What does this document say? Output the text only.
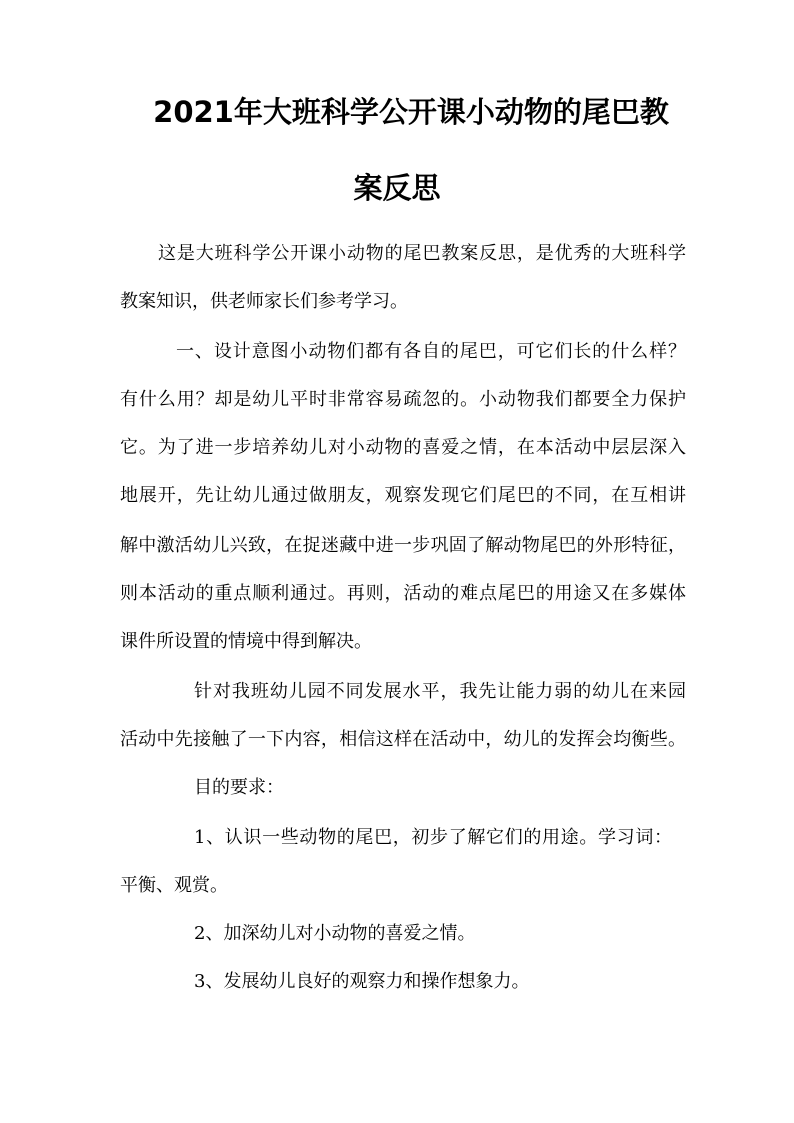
2021年大班科学公开课小动物的尾巴教
案反思
这是大班科学公开课小动物的尾巴教案反思，是优秀的大班科学
教案知识，供老师家长们参考学习。
一、设计意图小动物们都有各自的尾巴，可它们长的什么样？
有什么用？却是幼儿平时非常容易疏忽的。小动物我们都要全力保护
它。为了进一步培养幼儿对小动物的喜爱之情，在本活动中层层深入
地展开，先让幼儿通过做朋友，观察发现它们尾巴的不同，在互相讲
解中激活幼儿兴致，在捉迷藏中进一步巩固了解动物尾巴的外形特征，
则本活动的重点顺利通过。再则，活动的难点尾巴的用途又在多媒体
课件所设置的情境中得到解决。
针对我班幼儿园不同发展水平，我先让能力弱的幼儿在来园
活动中先接触了一下内容，相信这样在活动中，幼儿的发挥会均衡些。
目的要求：
1、认识一些动物的尾巴，初步了解它们的用途。学习词：
平衡、观赏。
2、加深幼儿对小动物的喜爱之情。
3、发展幼儿良好的观察力和操作想象力。
